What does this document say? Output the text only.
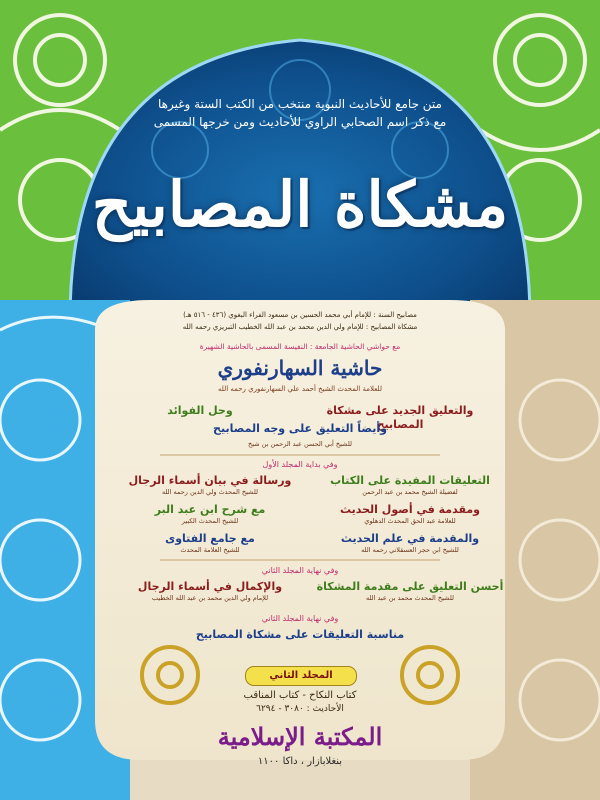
متن جامع للأحاديث النبوية منتخب من الكتب الستة وغيرها
مع ذكر اسم الصحابي الراوي للأحاديث ومن خرجها المسمى
مشكاة المصابيح
مصابيح السنة : للإمام أبي محمد الحسين بن مسعود الفراء البغوي (٤٣٦ - ٥١٦ هـ)
مشكاة المصابيح : للإمام ولي الدين محمد بن عبد الله الخطيب التبريزي رحمه الله
مع حواشي الحاشية الجامعة : النفيسة المسمى بالحاشية الشهيرة
حاشية السهارنفوري
للعلامة المحدث الشيخ أحمد علي السهارنفوري رحمه الله
والتعليق الجديد على مشكاة المصابيح
وحل الفوائد
وأيضاً التعليق على وجه المصابيح
للشيخ أبي الحسن عبد الرحمن بن شيخ
وفي بداية المجلد الأول
التعليقات المفيدة على الكتاب
لفضيلة الشيخ محمد بن عبد الرحمن
ومقدمة في أصول الحديث
للعلامة عبد الحق المحدث الدهلوي
والمقدمة في علم الحديث
للشيخ ابن حجر العسقلاني رحمه الله
ورسالة في بيان أسماء الرجال
للشيخ المحدث ولي الدين رحمه الله
مع شرح ابن عبد البر
للشيخ المحدث الكبير
مع جامع الفتاوى
للشيخ العلامة المحدث
وفي نهاية المجلد الثاني
أحسن التعليق على مقدمة المشكاة
للشيخ المحدث محمد بن عبد الله
والإكمال في أسماء الرجال
للإمام ولي الدين محمد بن عبد الله الخطيب
وفي نهاية المجلد الثاني
مناسبة التعليقات على مشكاة المصابيح
المجلد الثاني
كتاب النكاح - كتاب المناقب
الأحاديث : ٣٠٨٠ - ٦٢٩٤
المكتبة الإسلامية
بنغلابازار ، داكا ١١٠٠
